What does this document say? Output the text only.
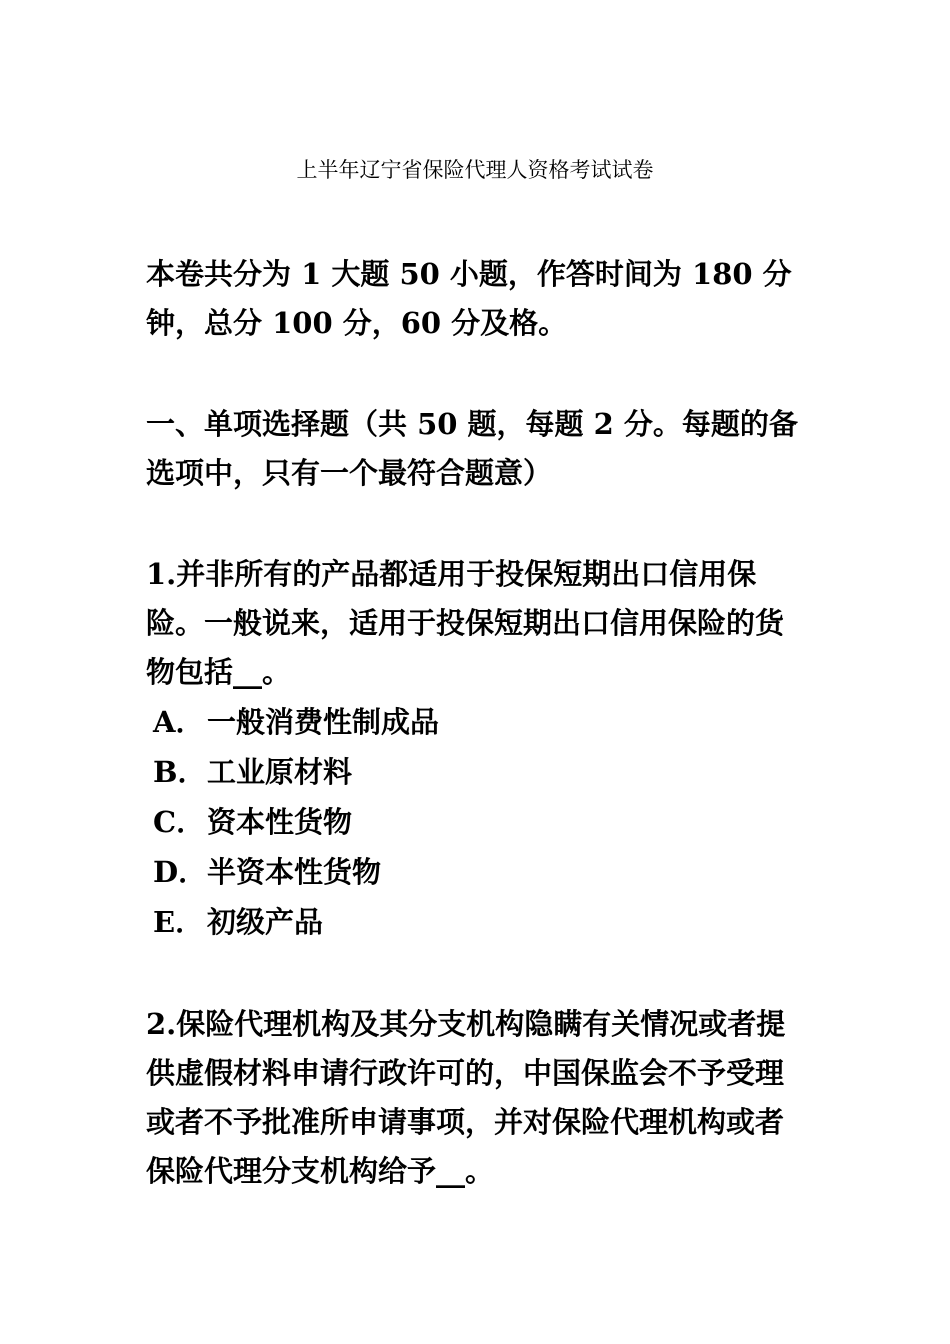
上半年辽宁省保险代理人资格考试试卷

本卷共分为 1 大题 50 小题，作答时间为 180 分钟，总分 100 分，60 分及格。

一、单项选择题（共 50 题，每题 2 分。每题的备选项中，只有一个最符合题意）

1.并非所有的产品都适用于投保短期出口信用保险。一般说来，适用于投保短期出口信用保险的货物包括__。

A． 一般消费性制成品
B． 工业原材料
C． 资本性货物
D． 半资本性货物
E． 初级产品

2.保险代理机构及其分支机构隐瞒有关情况或者提供虚假材料申请行政许可的，中国保监会不予受理或者不予批准所申请事项，并对保险代理机构或者保险代理分支机构给予__。
